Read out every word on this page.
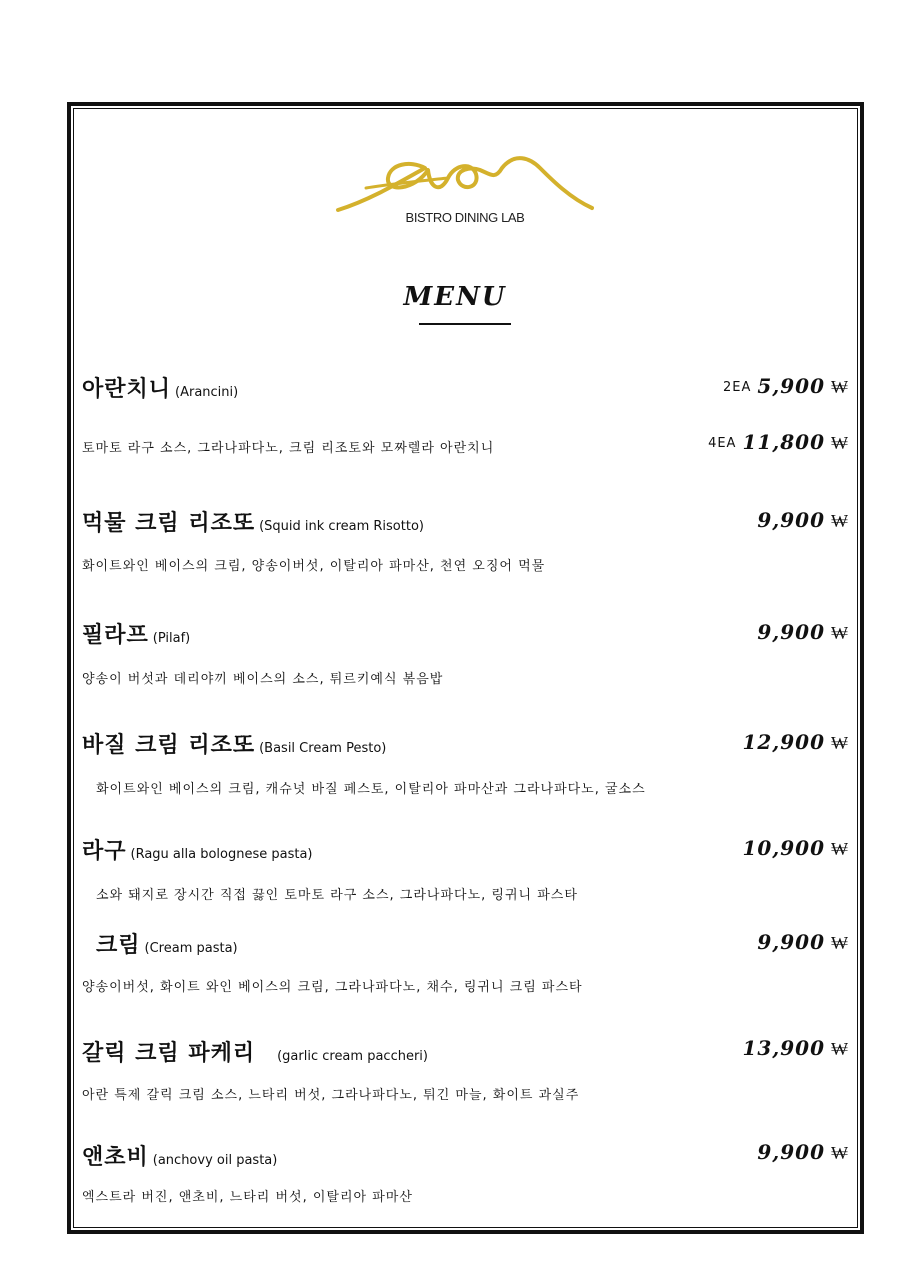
BISTRO DINING LAB
MENU
아란치니 (Arancini)	2EA 5,900 ₩
토마토 라구 소스, 그라나파다노, 크림 리조토와 모짜렐라 아란치니	4EA 11,800 ₩
먹물 크림 리조또 (Squid ink cream Risotto)	9,900 ₩
화이트와인 베이스의 크림, 양송이버섯, 이탈리아 파마산, 천연 오징어 먹물
필라프 (Pilaf)	9,900 ₩
양송이 버섯과 데리야끼 베이스의 소스, 튀르키예식 볶음밥
바질 크림 리조또 (Basil Cream Pesto)	12,900 ₩
화이트와인 베이스의 크림, 캐슈넛 바질 페스토, 이탈리아 파마산과 그라나파다노, 굴소스
라구 (Ragu alla bolognese pasta)	10,900 ₩
소와 돼지로 장시간 직접 끓인 토마토 라구 소스, 그라나파다노, 링귀니 파스타
크림 (Cream pasta)	9,900 ₩
양송이버섯, 화이트 와인 베이스의 크림, 그라나파다노, 채수, 링귀니 크림 파스타
갈릭 크림 파케리 (garlic cream paccheri)	13,900 ₩
아란 특제 갈릭 크림 소스, 느타리 버섯, 그라나파다노, 튀긴 마늘, 화이트 과실주
앤초비 (anchovy oil pasta)	9,900 ₩
엑스트라 버진, 앤초비, 느타리 버섯, 이탈리아 파마산
